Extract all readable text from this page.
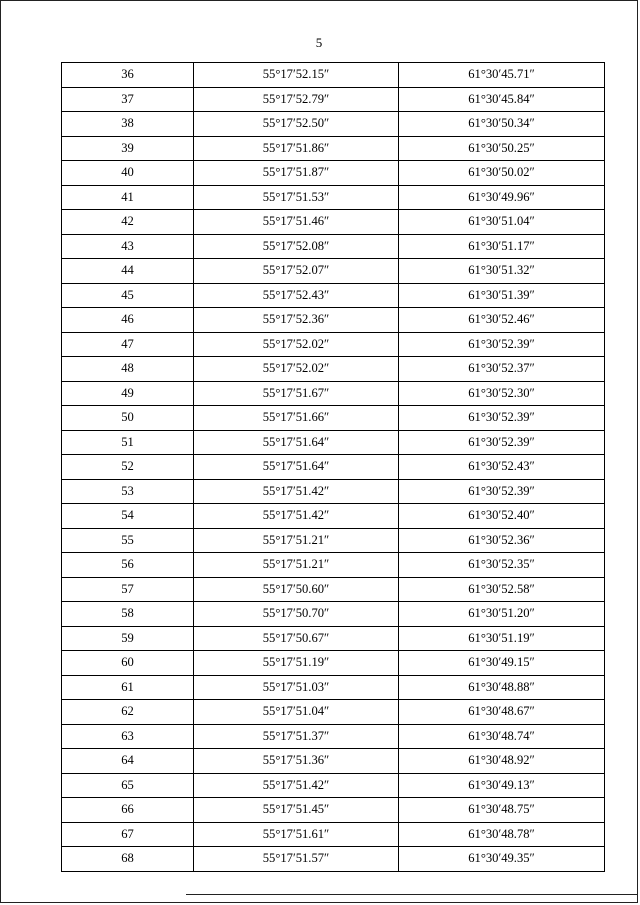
5
36	55°17′52.15″	61°30′45.71″
37	55°17′52.79″	61°30′45.84″
38	55°17′52.50″	61°30′50.34″
39	55°17′51.86″	61°30′50.25″
40	55°17′51.87″	61°30′50.02″
41	55°17′51.53″	61°30′49.96″
42	55°17′51.46″	61°30′51.04″
43	55°17′52.08″	61°30′51.17″
44	55°17′52.07″	61°30′51.32″
45	55°17′52.43″	61°30′51.39″
46	55°17′52.36″	61°30′52.46″
47	55°17′52.02″	61°30′52.39″
48	55°17′52.02″	61°30′52.37″
49	55°17′51.67″	61°30′52.30″
50	55°17′51.66″	61°30′52.39″
51	55°17′51.64″	61°30′52.39″
52	55°17′51.64″	61°30′52.43″
53	55°17′51.42″	61°30′52.39″
54	55°17′51.42″	61°30′52.40″
55	55°17′51.21″	61°30′52.36″
56	55°17′51.21″	61°30′52.35″
57	55°17′50.60″	61°30′52.58″
58	55°17′50.70″	61°30′51.20″
59	55°17′50.67″	61°30′51.19″
60	55°17′51.19″	61°30′49.15″
61	55°17′51.03″	61°30′48.88″
62	55°17′51.04″	61°30′48.67″
63	55°17′51.37″	61°30′48.74″
64	55°17′51.36″	61°30′48.92″
65	55°17′51.42″	61°30′49.13″
66	55°17′51.45″	61°30′48.75″
67	55°17′51.61″	61°30′48.78″
68	55°17′51.57″	61°30′49.35″
